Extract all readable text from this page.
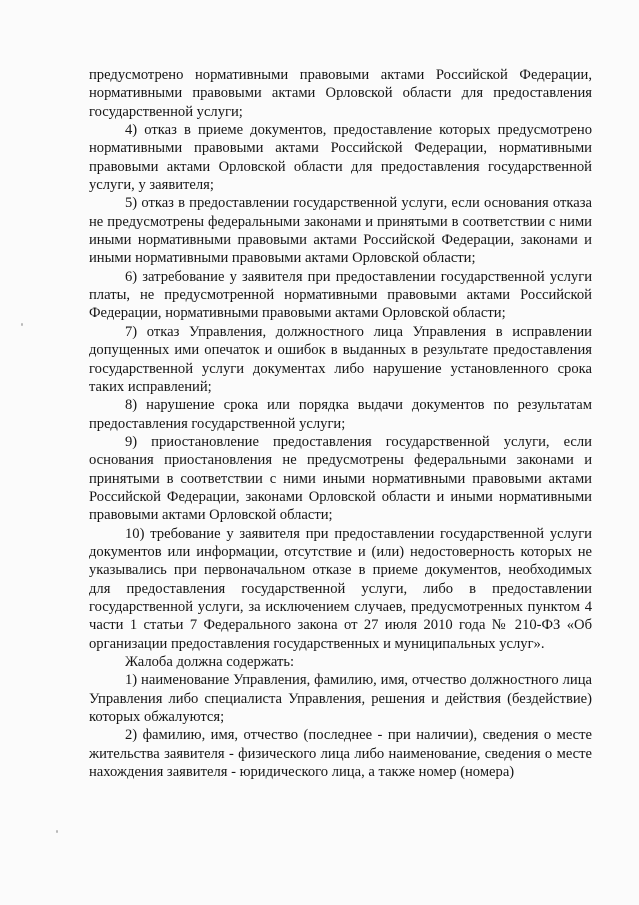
предусмотрено нормативными правовыми актами Российской Федерации, нормативными правовыми актами Орловской области для предоставления государственной услуги;

4) отказ в приеме документов, предоставление которых предусмотрено нормативными правовыми актами Российской Федерации, нормативными правовыми актами Орловской области для предоставления государственной услуги, у заявителя;

5) отказ в предоставлении государственной услуги, если основания отказа не предусмотрены федеральными законами и принятыми в соответствии с ними иными нормативными правовыми актами Российской Федерации, законами и иными нормативными правовыми актами Орловской области;

6) затребование у заявителя при предоставлении государственной услуги платы, не предусмотренной нормативными правовыми актами Российской Федерации, нормативными правовыми актами Орловской области;

7) отказ Управления, должностного лица Управления в исправлении допущенных ими опечаток и ошибок в выданных в результате предоставления государственной услуги документах либо нарушение установленного срока таких исправлений;

8) нарушение срока или порядка выдачи документов по результатам предоставления государственной услуги;

9) приостановление предоставления государственной услуги, если основания приостановления не предусмотрены федеральными законами и принятыми в соответствии с ними иными нормативными правовыми актами Российской Федерации, законами Орловской области и иными нормативными правовыми актами Орловской области;

10) требование у заявителя при предоставлении государственной услуги документов или информации, отсутствие и (или) недостоверность которых не указывались при первоначальном отказе в приеме документов, необходимых для предоставления государственной услуги, либо в предоставлении государственной услуги, за исключением случаев, предусмотренных пунктом 4 части 1 статьи 7 Федерального закона от 27 июля 2010 года № 210-ФЗ «Об организации предоставления государственных и муниципальных услуг».

Жалоба должна содержать:

1) наименование Управления, фамилию, имя, отчество должностного лица Управления либо специалиста Управления, решения и действия (бездействие) которых обжалуются;

2) фамилию, имя, отчество (последнее - при наличии), сведения о месте жительства заявителя - физического лица либо наименование, сведения о месте нахождения заявителя - юридического лица, а также номер (номера)
